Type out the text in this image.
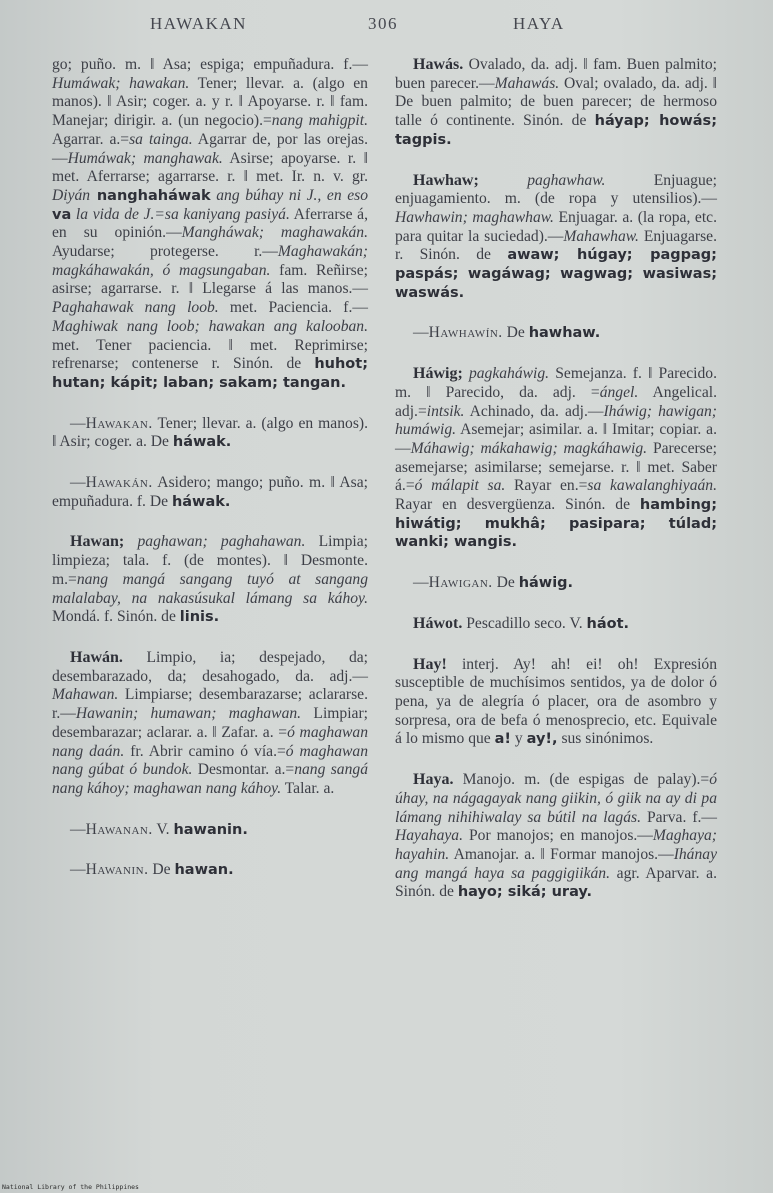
HAWAKAN	306	HAYA

go; puño. m. ‖ Asa; espiga; empuñadura. f.—Humáwak; hawakan. Tener; llevar. a. (algo en manos). ‖ Asir; coger. a. y r. ‖ Apoyarse. r. ‖ fam. Manejar; dirigir. a. (un negocio).=nang mahigpit. Agarrar. a.=sa tainga. Agarrar de, por las orejas.—Humáwak; manghawak. Asirse; apoyarse. r. ‖ met. Aferrarse; agarrarse. r. ‖ met. Ir. n. v. gr. Diyán nanghaháwak ang búhay ni J., en eso va la vida de J.=sa kaniyang pasiyá. Aferrarse á, en su opinión.—Mangháwak; maghawakán. Ayudarse; protegerse. r.—Maghawakán; magkáhawakán, ó magsungaban. fam. Reñirse; asirse; agarrarse. r. ‖ Llegarse á las manos.—Paghahawak nang loob. met. Paciencia. f.—Maghiwak nang loob; hawakan ang kalooban. met. Tener paciencia. ‖ met. Reprimirse; refrenarse; contenerse r. Sinón. de huhot; hutan; kápit; laban; sakam; tangan.

—Hawakan. Tener; llevar. a. (algo en manos). ‖ Asir; coger. a. De háwak.

—Hawakán. Asidero; mango; puño. m. ‖ Asa; empuñadura. f. De háwak.

Hawan; paghawan; paghahawan. Limpia; limpieza; tala. f. (de montes). ‖ Desmonte. m.=nang mangá sangang tuyó at sangang malalabay, na nakasúsukal lámang sa káhoy. Mondá. f. Sinón. de linis.

Hawán. Limpio, ia; despejado, da; desembarazado, da; desahogado, da. adj.—Mahawan. Limpiarse; desembarazarse; aclararse. r.—Hawanin; humawan; maghawan. Limpiar; desembarazar; aclarar. a. ‖ Zafar. a. =ó maghawan nang daán. fr. Abrir camino ó vía.=ó maghawan nang gúbat ó bundok. Desmontar. a.=nang sangá nang káhoy; maghawan nang káhoy. Talar. a.

—Hawanan. V. hawanin.

—Hawanin. De hawan.

Hawás. Ovalado, da. adj. ‖ fam. Buen palmito; buen parecer.—Mahawás. Oval; ovalado, da. adj. ‖ De buen palmito; de buen parecer; de hermoso talle ó continente. Sinón. de háyap; howás; tagpis.

Hawhaw;	paghawhaw. Enjuague; enjuagamiento. m. (de ropa y utensilios).—Hawhawin; maghawhaw. Enjuagar. a. (la ropa, etc. para quitar la suciedad).—Mahawhaw. Enjuagarse. r. Sinón. de awaw; húgay; pagpag; paspás; wagáwag; wagwag; wasiwas; waswás.

—Hawhawín. De hawhaw.

Háwig; pagkaháwig. Semejanza. f. ‖ Parecido. m. ‖ Parecido, da. adj. =ángel. Angelical. adj.=intsik. Achinado, da. adj.—Iháwig; hawigan; humáwig. Asemejar; asimilar. a. ‖ Imitar; copiar. a.—Máhawig; mákahawig; magkáhawig. Parecerse; asemejarse; asimilarse; semejarse. r. ‖ met. Saber á.=ó málapit sa. Rayar en.=sa kawalanghiyaán. Rayar en desvergüenza. Sinón. de hambing; hiwátig; mukhâ; pasipara; túlad; wanki; wangis.

—Hawigan. De háwig.

Háwot. Pescadillo seco. V. háot.

Hay! interj. Ay! ah! ei! oh! Expresión susceptible de muchísimos sentidos, ya de dolor ó pena, ya de alegría ó placer, ora de asombro y sorpresa, ora de befa ó menosprecio, etc. Equivale á lo mismo que a! y ay!, sus sinónimos.

Haya. Manojo. m. (de espigas de palay).=ó úhay, na nágagayak nang giikin, ó giik na ay di pa lámang nihihiwalay sa bútil na lagás. Parva. f.—Hayahaya. Por manojos; en manojos.—Maghaya; hayahin. Amanojar. a. ‖ Formar manojos.—Ihánay ang mangá haya sa paggigiikán. agr. Aparvar. a. Sinón. de hayo; siká; uray.

National Library of the Philippines
